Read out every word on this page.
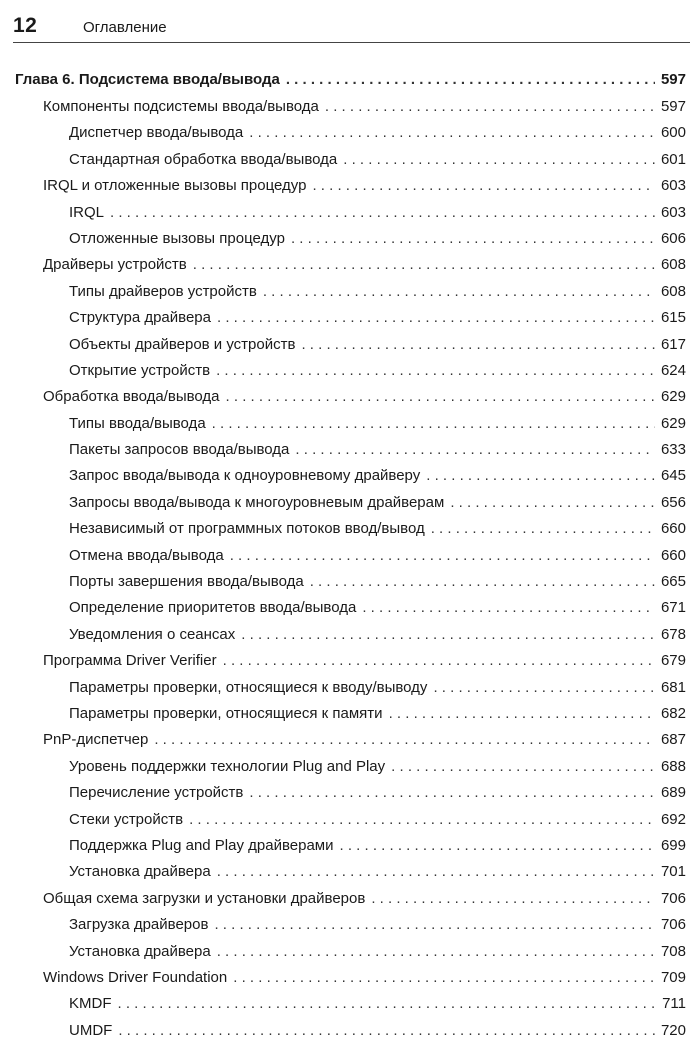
12	Оглавление
Глава 6. Подсистема ввода/вывода . . .	597
Компоненты подсистемы ввода/вывода . . .	597
Диспетчер ввода/вывода . . .	600
Стандартная обработка ввода/вывода . . .	601
IRQL и отложенные вызовы процедур . . .	603
IRQL . . .	603
Отложенные вызовы процедур . . .	606
Драйверы устройств . . .	608
Типы драйверов устройств . . .	608
Структура драйвера . . .	615
Объекты драйверов и устройств . . .	617
Открытие устройств . . .	624
Обработка ввода/вывода . . .	629
Типы ввода/вывода . . .	629
Пакеты запросов ввода/вывода . . .	633
Запрос ввода/вывода к одноуровневому драйверу . . .	645
Запросы ввода/вывода к многоуровневым драйверам . . .	656
Независимый от программных потоков ввод/вывод . . .	660
Отмена ввода/вывода . . .	660
Порты завершения ввода/вывода . . .	665
Определение приоритетов ввода/вывода . . .	671
Уведомления о сеансах . . .	678
Программа Driver Verifier . . .	679
Параметры проверки, относящиеся к вводу/выводу . . .	681
Параметры проверки, относящиеся к памяти . . .	682
PnP-диспетчер . . .	687
Уровень поддержки технологии Plug and Play . . .	688
Перечисление устройств . . .	689
Стеки устройств . . .	692
Поддержка Plug and Play драйверами . . .	699
Установка драйвера . . .	701
Общая схема загрузки и установки драйверов . . .	706
Загрузка драйверов . . .	706
Установка драйвера . . .	708
Windows Driver Foundation . . .	709
KMDF . . .	711
UMDF . . .	720
